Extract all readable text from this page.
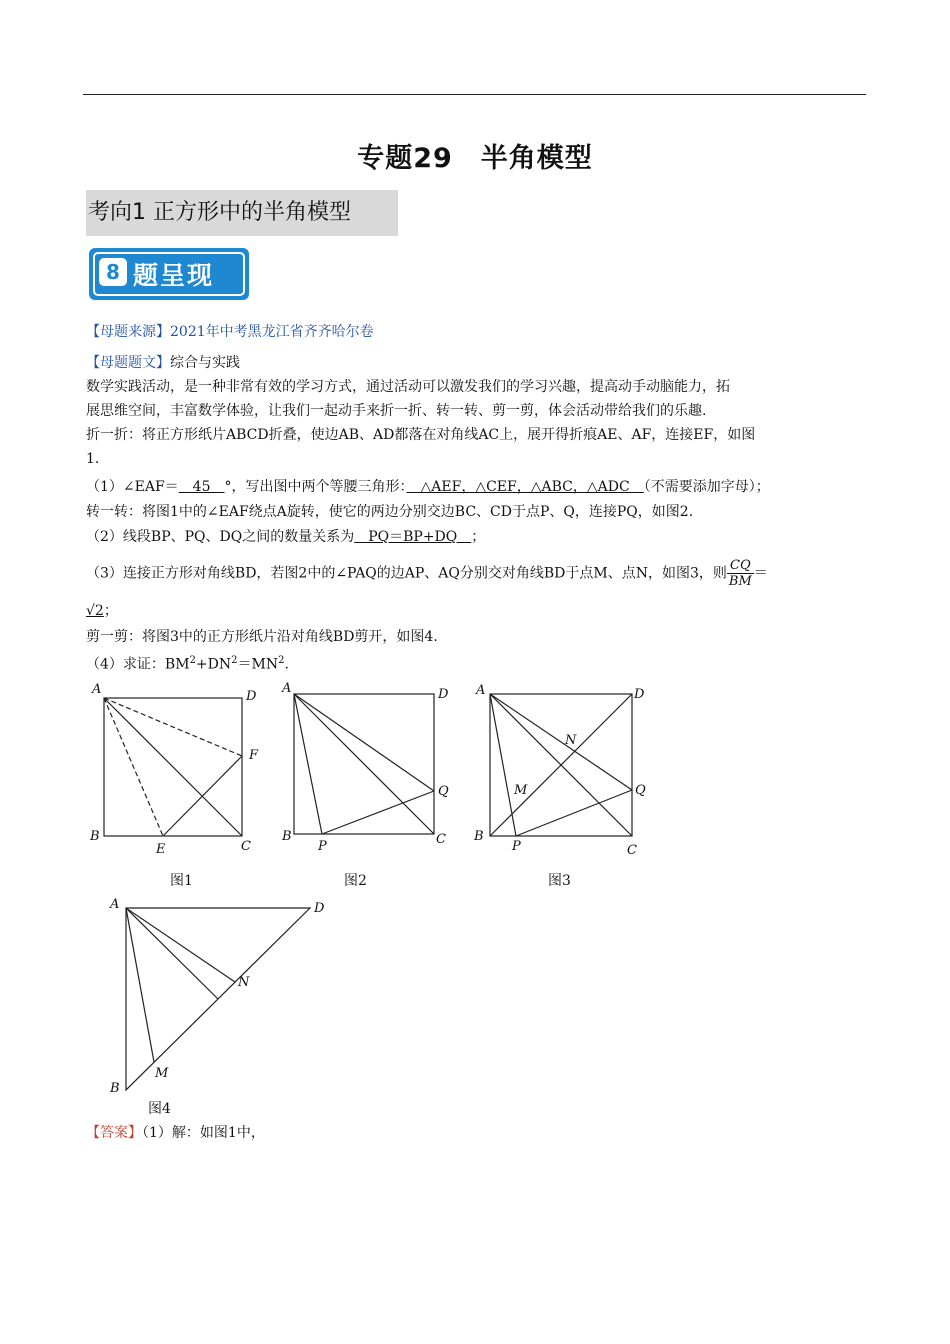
专题29　半角模型
考向1 正方形中的半角模型
8 题呈现
【母题来源】2021年中考黑龙江省齐齐哈尔卷
【母题题文】综合与实践
数学实践活动，是一种非常有效的学习方式，通过活动可以激发我们的学习兴趣，提高动手动脑能力，拓
展思维空间，丰富数学体验，让我们一起动手来折一折、转一转、剪一剪，体会活动带给我们的乐趣.
折一折：将正方形纸片ABCD折叠，使边AB、AD都落在对角线AC上，展开得折痕AE、AF，连接EF，如图
1.
（1）∠EAF＝　45　°，写出图中两个等腰三角形：　△AEF，△CEF，△ABC，△ADC　（不需要添加字母）；
转一转：将图1中的∠EAF绕点A旋转，使它的两边分别交边BC、CD于点P、Q，连接PQ，如图2.
（2）线段BP、PQ、DQ之间的数量关系为　PQ＝BP+DQ　；
（3）连接正方形对角线BD，若图2中的∠PAQ的边AP、AQ分别交对角线BD于点M、点N，如图3，则 $\frac{CQ}{BM}$ ＝
√2；
剪一剪：将图3中的正方形纸片沿对角线BD剪开，如图4.
（4）求证：$BM^2+DN^2=MN^2$.
A	D
B
C
E
F
图1
A	D
B	C
P
Q
图2
A	D
B
C
P
Q
M
N
图3
A	D
B
M
N
图4
【答案】（1）解：如图1中，
